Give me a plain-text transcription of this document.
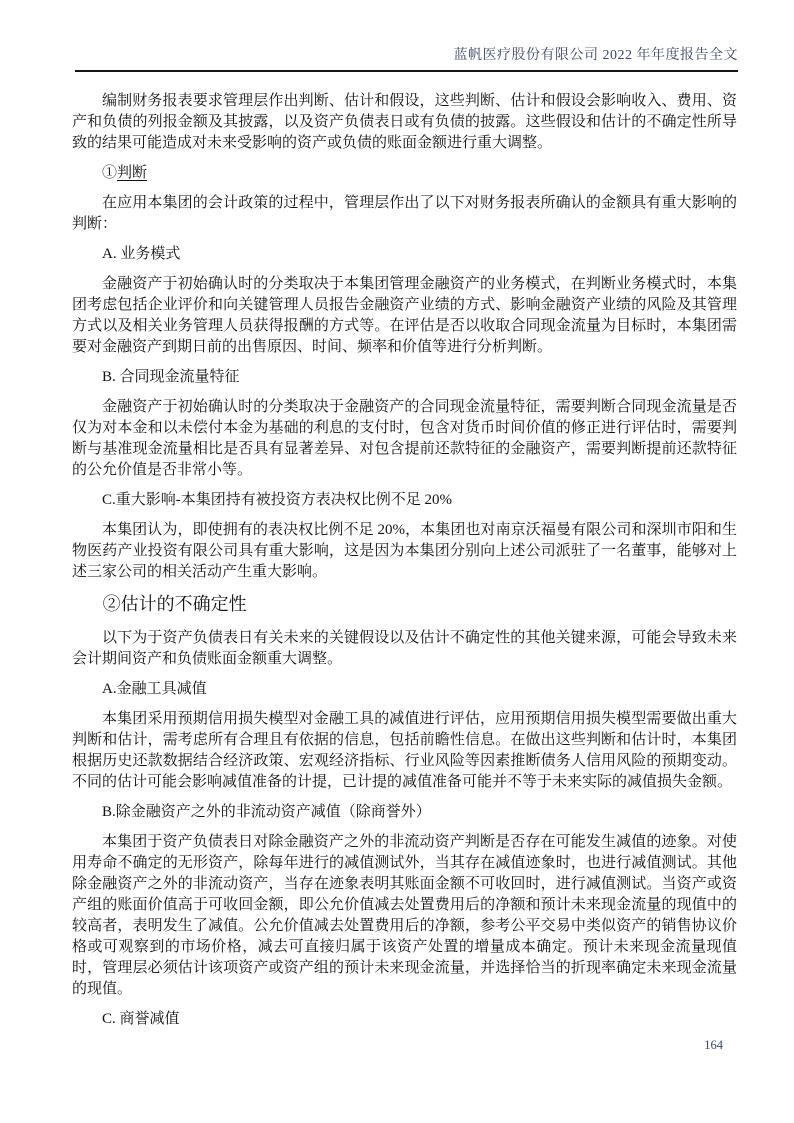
蓝帆医疗股份有限公司 2022 年年度报告全文

编制财务报表要求管理层作出判断、估计和假设，这些判断、估计和假设会影响收入、费用、资产和负债的列报金额及其披露，以及资产负债表日或有负债的披露。这些假设和估计的不确定性所导致的结果可能造成对未来受影响的资产或负债的账面金额进行重大调整。

①判断

在应用本集团的会计政策的过程中，管理层作出了以下对财务报表所确认的金额具有重大影响的判断：

A. 业务模式

金融资产于初始确认时的分类取决于本集团管理金融资产的业务模式，在判断业务模式时，本集团考虑包括企业评价和向关键管理人员报告金融资产业绩的方式、影响金融资产业绩的风险及其管理方式以及相关业务管理人员获得报酬的方式等。在评估是否以收取合同现金流量为目标时，本集团需要对金融资产到期日前的出售原因、时间、频率和价值等进行分析判断。

B. 合同现金流量特征

金融资产于初始确认时的分类取决于金融资产的合同现金流量特征，需要判断合同现金流量是否仅为对本金和以未偿付本金为基础的利息的支付时，包含对货币时间价值的修正进行评估时，需要判断与基准现金流量相比是否具有显著差异、对包含提前还款特征的金融资产，需要判断提前还款特征的公允价值是否非常小等。

C.重大影响-本集团持有被投资方表决权比例不足 20%

本集团认为，即使拥有的表决权比例不足 20%，本集团也对南京沃福曼有限公司和深圳市阳和生物医药产业投资有限公司具有重大影响，这是因为本集团分别向上述公司派驻了一名董事，能够对上述三家公司的相关活动产生重大影响。

②估计的不确定性

以下为于资产负债表日有关未来的关键假设以及估计不确定性的其他关键来源，可能会导致未来会计期间资产和负债账面金额重大调整。

A.金融工具减值

本集团采用预期信用损失模型对金融工具的减值进行评估，应用预期信用损失模型需要做出重大判断和估计，需考虑所有合理且有依据的信息，包括前瞻性信息。在做出这些判断和估计时，本集团根据历史还款数据结合经济政策、宏观经济指标、行业风险等因素推断债务人信用风险的预期变动。不同的估计可能会影响减值准备的计提，已计提的减值准备可能并不等于未来实际的减值损失金额。

B.除金融资产之外的非流动资产减值（除商誉外）

本集团于资产负债表日对除金融资产之外的非流动资产判断是否存在可能发生减值的迹象。对使用寿命不确定的无形资产，除每年进行的减值测试外，当其存在减值迹象时，也进行减值测试。其他除金融资产之外的非流动资产，当存在迹象表明其账面金额不可收回时，进行减值测试。当资产或资产组的账面价值高于可收回金额，即公允价值减去处置费用后的净额和预计未来现金流量的现值中的较高者，表明发生了减值。公允价值减去处置费用后的净额，参考公平交易中类似资产的销售协议价格或可观察到的市场价格，减去可直接归属于该资产处置的增量成本确定。预计未来现金流量现值时，管理层必须估计该项资产或资产组的预计未来现金流量，并选择恰当的折现率确定未来现金流量的现值。

C. 商誉减值

164
